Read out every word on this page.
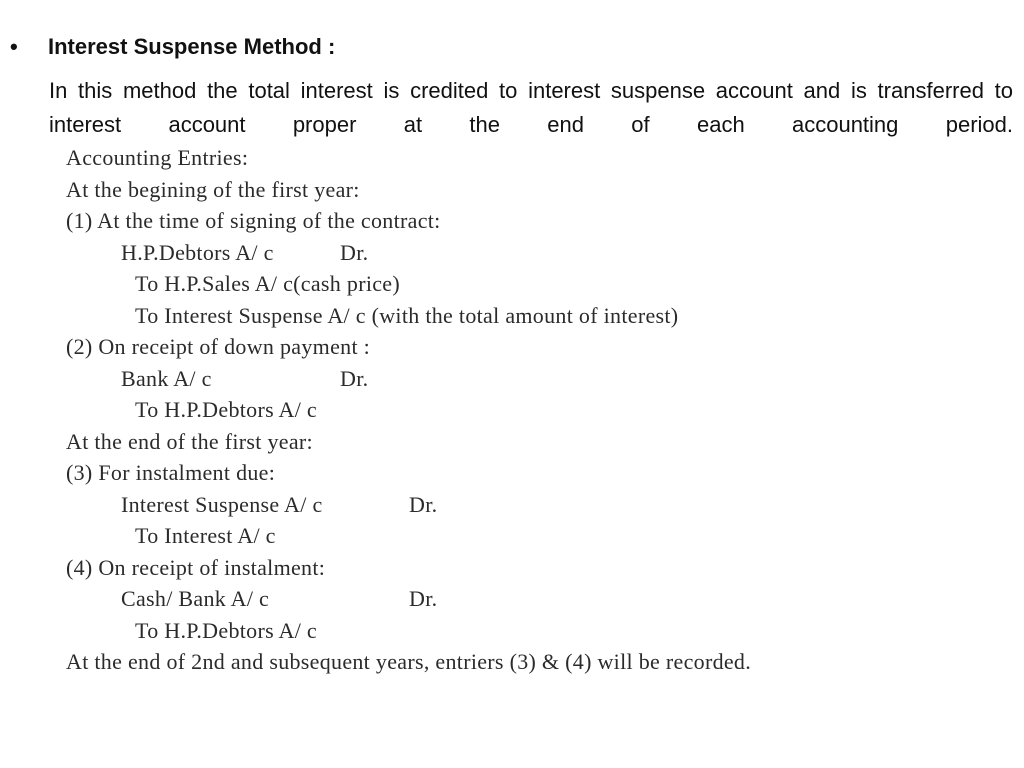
• Interest Suspense Method :
In this method the total interest is credited to interest suspense account and is transferred to interest account proper at the end of each accounting period.
Accounting Entries:
At the begining of the first year:
(1) At the time of signing of the contract:
H.P.Debtors A/ c	Dr.
To H.P.Sales A/ c(cash price)
To Interest Suspense A/ c (with the total amount of interest)
(2) On receipt of down payment :
Bank A/ c	Dr.
To H.P.Debtors A/ c
At the end of the first year:
(3) For instalment due:
Interest Suspense A/ c	Dr.
To Interest A/ c
(4) On receipt of instalment:
Cash/ Bank A/ c	Dr.
To H.P.Debtors A/ c
At the end of 2nd and subsequent years, entriers (3) & (4) will be recorded.
